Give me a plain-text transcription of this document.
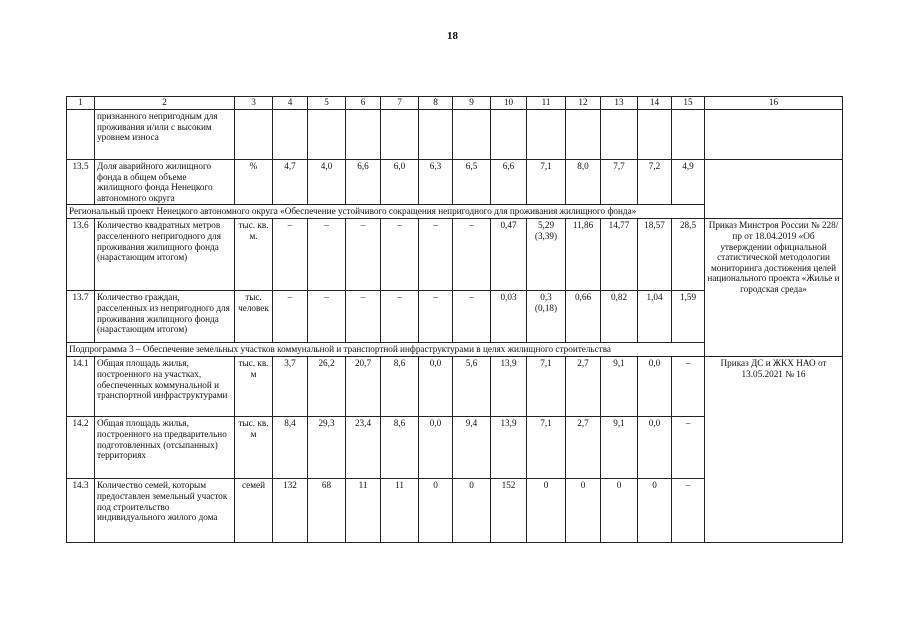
18
1	2	3	4	5	6	7	8	9	10	11	12	13	14	15	16
	признанного непригодным для проживания и/или с высоким уровнем износа														
13.5	Доля аварийного жилищного фонда в общем объеме жилищного фонда Ненецкого автономного округа	%	4,7	4,0	6,6	6,0	6,3	6,5	6,6	7,1	8,0	7,7	7,2	4,9	
Региональный проект Ненецкого автономного округа «Обеспечение устойчивого сокращения непригодного для проживания жилищного фонда»															
13.6	Количество квадратных метров расселенного непригодного для проживания жилищного фонда (нарастающим итогом)	тыс. кв. м.	–	–	–	–	–	–	0,47	5,29 (3,39)	11,86	14,77	18,57	28,5	Приказ Минстроя России № 228/пр от 18.04.2019 «Об утверждении официальной статистической методологии мониторинга достижения целей национального проекта «Жилье и городская среда»
13.7	Количество граждан, расселенных из непригодного для проживания жилищного фонда (нарастающим итогом)	тыс. человек	–	–	–	–	–	–	0,03	0,3 (0,18)	0,66	0,82	1,04	1,59	
Подпрограмма 3 – Обеспечение земельных участков коммунальной и транспортной инфраструктурами в целях жилищного строительства															
14.1	Общая площадь жилья, построенного на участках, обеспеченных коммунальной и транспортной инфраструктурами	тыс. кв. м	3,7	26,2	20,7	8,6	0,0	5,6	13,9	7,1	2,7	9,1	0,0	–	Приказ ДС и ЖКХ НАО от 13.05.2021 № 16
14.2	Общая площадь жилья, построенного на предварительно подготовленных (отсыпанных) территориях	тыс. кв. м	8,4	29,3	23,4	8,6	0,0	9,4	13,9	7,1	2,7	9,1	0,0	–	
14.3	Количество семей, которым предоставлен земельный участок под строительство индивидуального жилого дома	семей	132	68	11	11	0	0	152	0	0	0	0	–	
